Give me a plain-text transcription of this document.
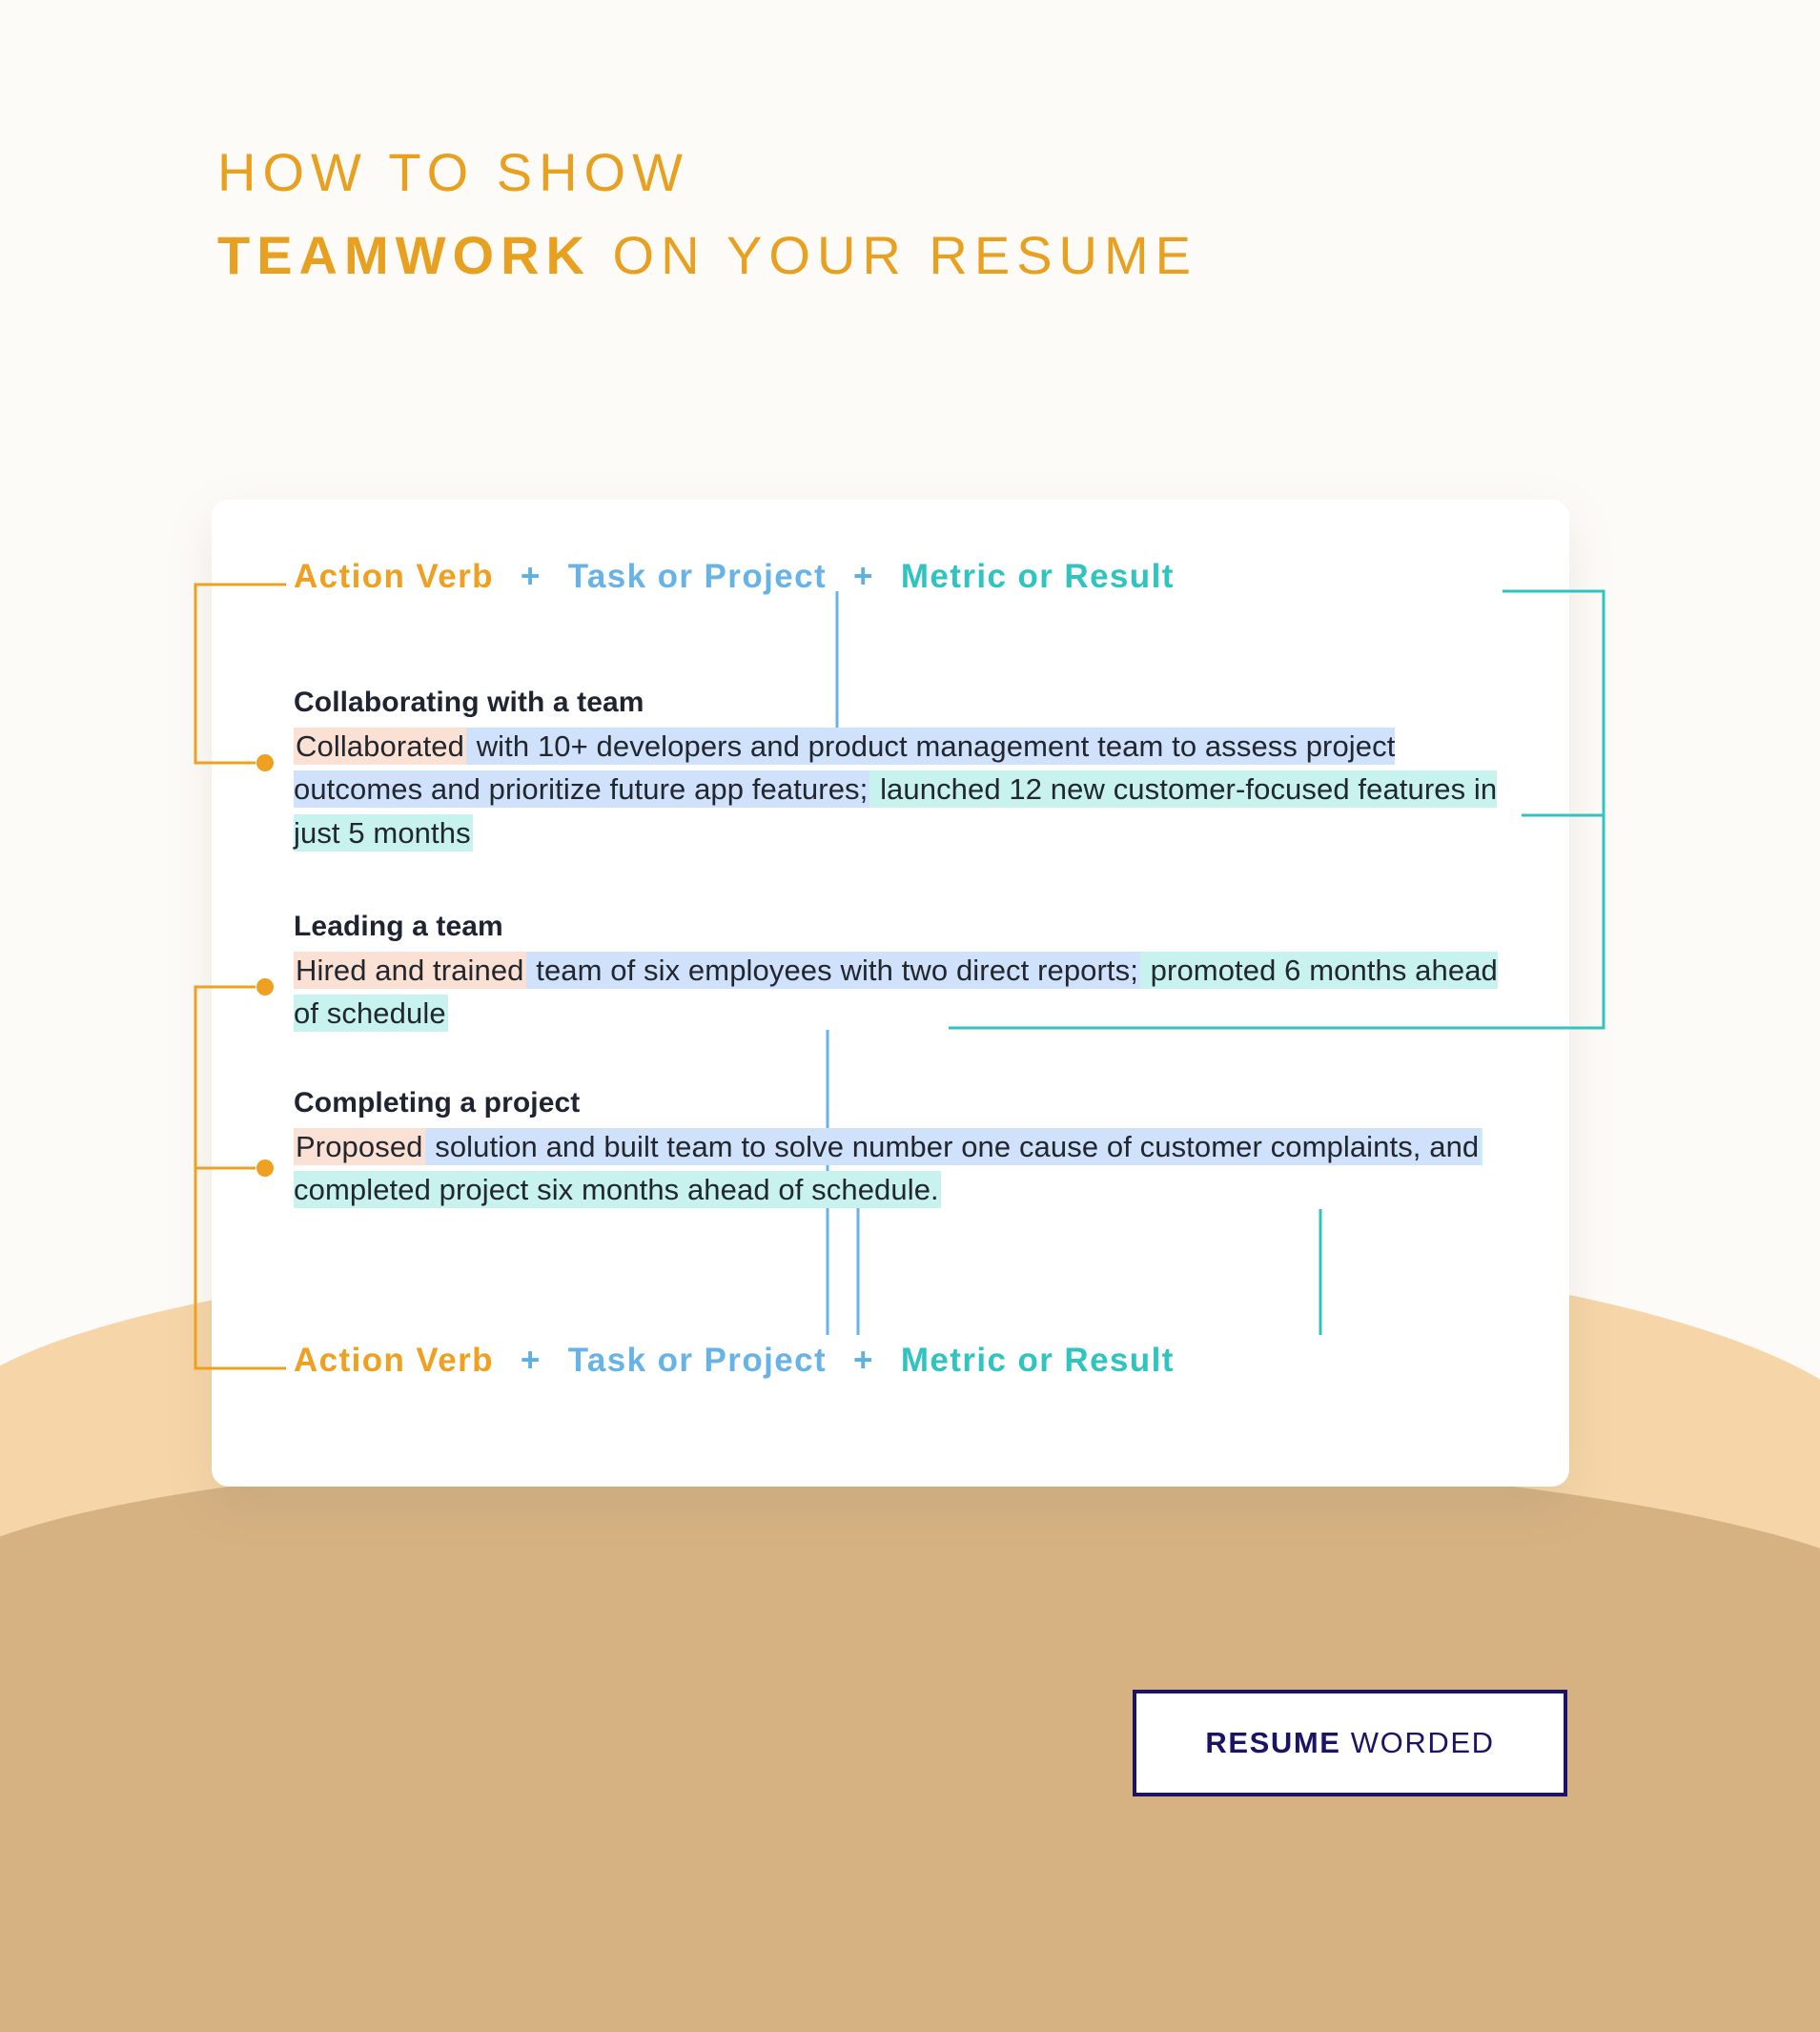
HOW TO SHOW
TEAMWORK ON YOUR RESUME
Action Verb + Task or Project + Metric or Result
Collaborating with a team
Collaborated with 10+ developers and product management team to assess project outcomes and prioritize future app features; launched 12 new customer-focused features in just 5 months
Leading a team
Hired and trained team of six employees with two direct reports; promoted 6 months ahead of schedule
Completing a project
Proposed solution and built team to solve number one cause of customer complaints, and completed project six months ahead of schedule.
Action Verb + Task or Project + Metric or Result
RESUME WORDED
